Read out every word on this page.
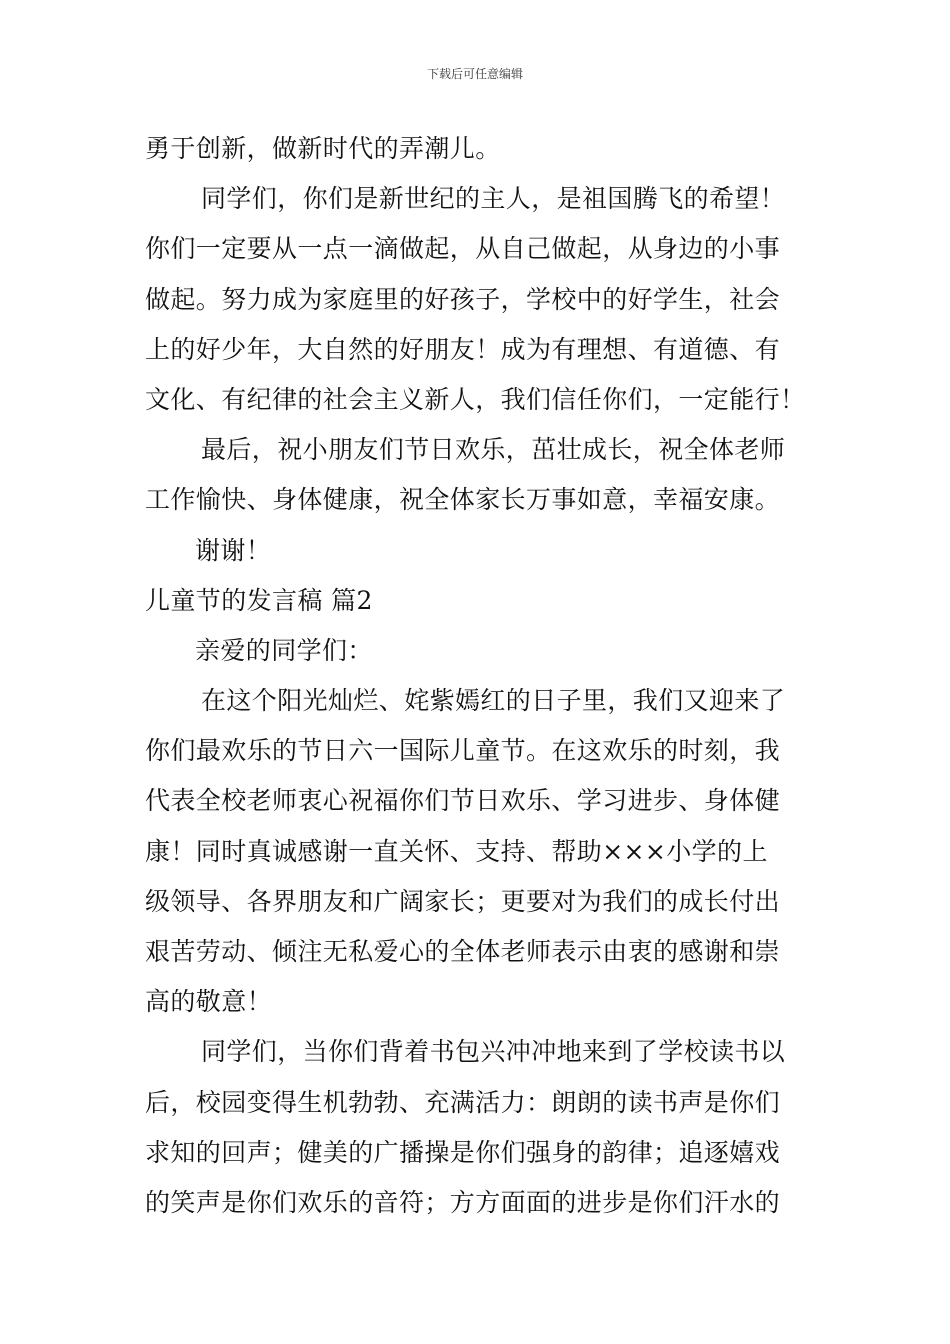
下载后可任意编辑
勇于创新，做新时代的弄潮儿。
同学们，你们是新世纪的主人，是祖国腾飞的希望！
你们一定要从一点一滴做起，从自己做起，从身边的小事
做起。努力成为家庭里的好孩子，学校中的好学生，社会
上的好少年，大自然的好朋友！成为有理想、有道德、有
文化、有纪律的社会主义新人，我们信任你们，一定能行！
最后，祝小朋友们节日欢乐，茁壮成长，祝全体老师
工作愉快、身体健康，祝全体家长万事如意，幸福安康。
谢谢！
儿童节的发言稿 篇2
亲爱的同学们：
在这个阳光灿烂、姹紫嫣红的日子里，我们又迎来了
你们最欢乐的节日六一国际儿童节。在这欢乐的时刻，我
代表全校老师衷心祝福你们节日欢乐、学习进步、身体健
康！同时真诚感谢一直关怀、支持、帮助×××小学的上
级领导、各界朋友和广阔家长；更要对为我们的成长付出
艰苦劳动、倾注无私爱心的全体老师表示由衷的感谢和崇
高的敬意！
同学们，当你们背着书包兴冲冲地来到了学校读书以
后，校园变得生机勃勃、充满活力：朗朗的读书声是你们
求知的回声；健美的广播操是你们强身的韵律；追逐嬉戏
的笑声是你们欢乐的音符；方方面面的进步是你们汗水的
